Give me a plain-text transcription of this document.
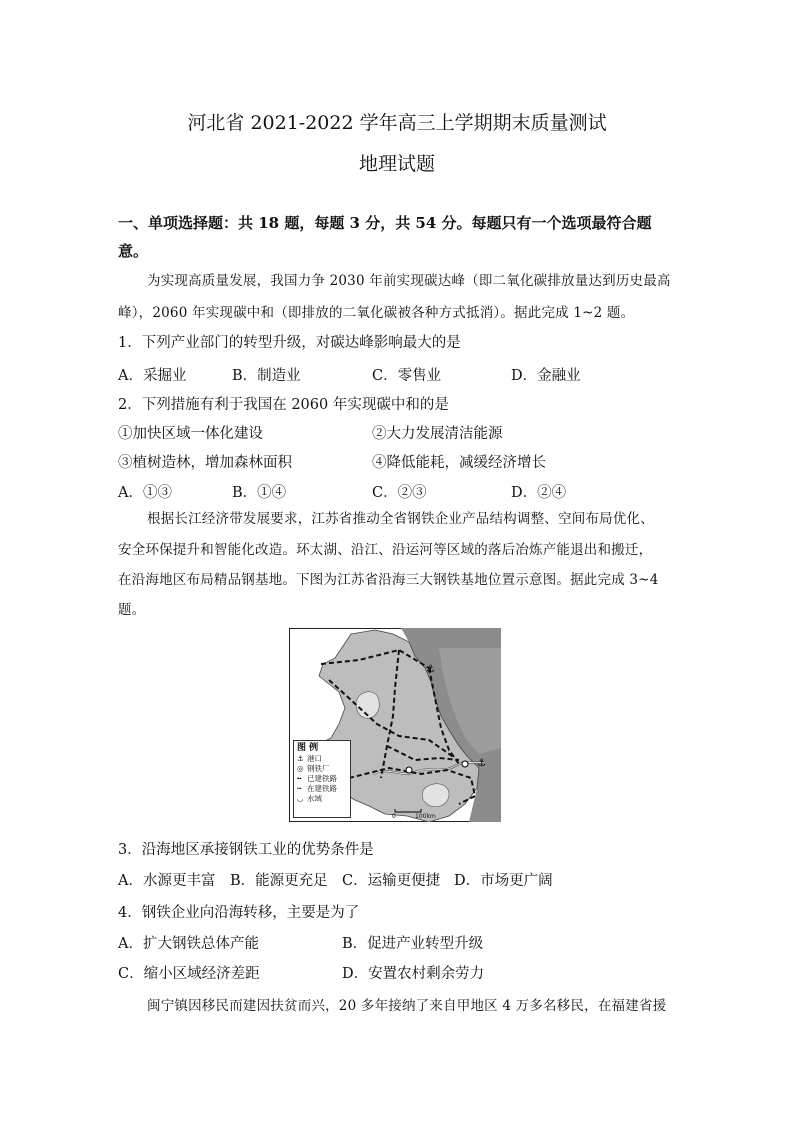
河北省 2021-2022 学年高三上学期期末质量测试
地理试题
一、单项选择题：共 18 题，每题 3 分，共 54 分。每题只有一个选项最符合题
意。
为实现高质量发展，我国力争 2030 年前实现碳达峰（即二氧化碳排放量达到历史最高
峰），2060 年实现碳中和（即排放的二氧化碳被各种方式抵消）。据此完成 1~2 题。
1．下列产业部门的转型升级，对碳达峰影响最大的是
A．采掘业	B．制造业	C．零售业	D．金融业
2．下列措施有利于我国在 2060 年实现碳中和的是
①加快区域一体化建设	②大力发展清洁能源
③植树造林，增加森林面积	④降低能耗，减缓经济增长
A．①③	B．①④	C．②③	D．②④
根据长江经济带发展要求，江苏省推动全省钢铁企业产品结构调整、空间布局优化、
安全环保提升和智能化改造。环太湖、沿江、沿运河等区域的落后冶炼产能退出和搬迁，
在沿海地区布局精品钢基地。下图为江苏省沿海三大钢铁基地位置示意图。据此完成 3~4
题。
⚓
⚓
图 例
⚓ 港口
◎ 钢铁厂
╍ 已建铁路
┅ 在建铁路
◡ 水域
0	100km
3．沿海地区承接钢铁工业的优势条件是
A．水源更丰富 B．能源更充足 C．运输更便捷 D．市场更广阔
4．钢铁企业向沿海转移，主要是为了
A．扩大钢铁总体产能	B．促进产业转型升级
C．缩小区域经济差距	D．安置农村剩余劳力
闽宁镇因移民而建因扶贫而兴，20 多年接纳了来自甲地区 4 万多名移民，在福建省援
